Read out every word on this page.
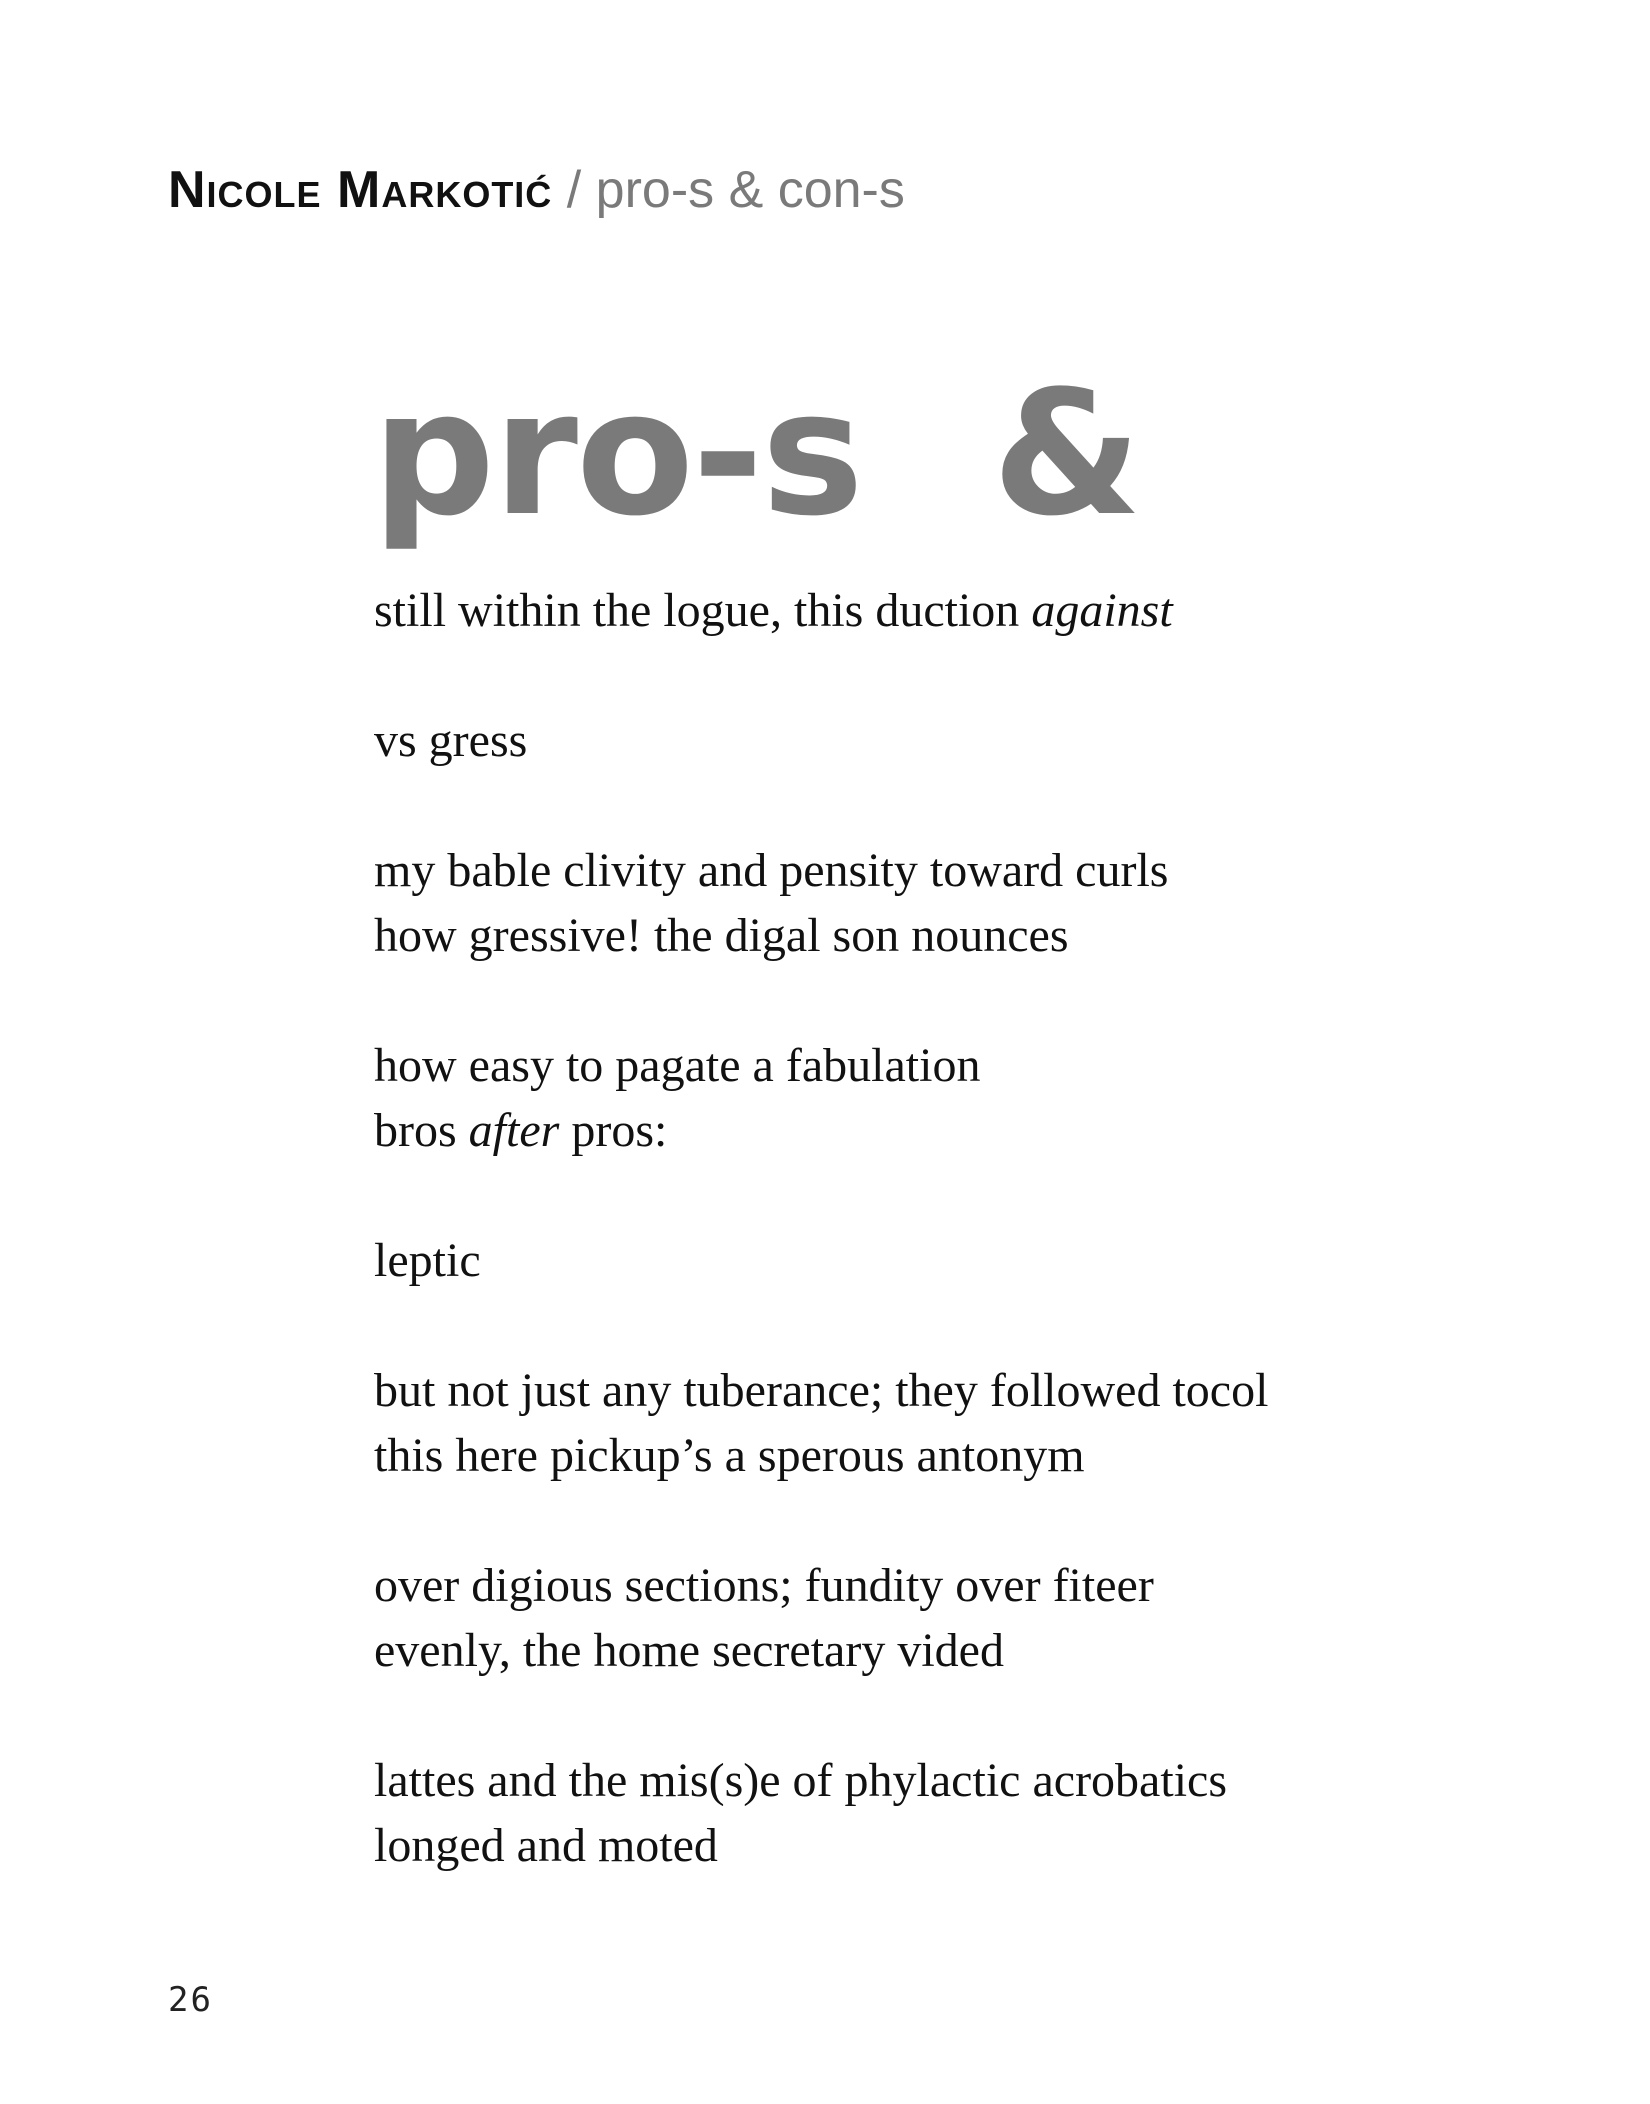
Nicole Markotić / pro-s & con-s
pro-s &
still within the logue, this duction against
vs gress
my bable clivity and pensity toward curls
how gressive! the digal son nounces
how easy to pagate a fabulation
bros after pros:
leptic
but not just any tuberance; they followed tocol
this here pickup’s a sperous antonym
over digious sections; fundity over fiteer
evenly, the home secretary vided
lattes and the mis(s)e of phylactic acrobatics
longed and moted
26
